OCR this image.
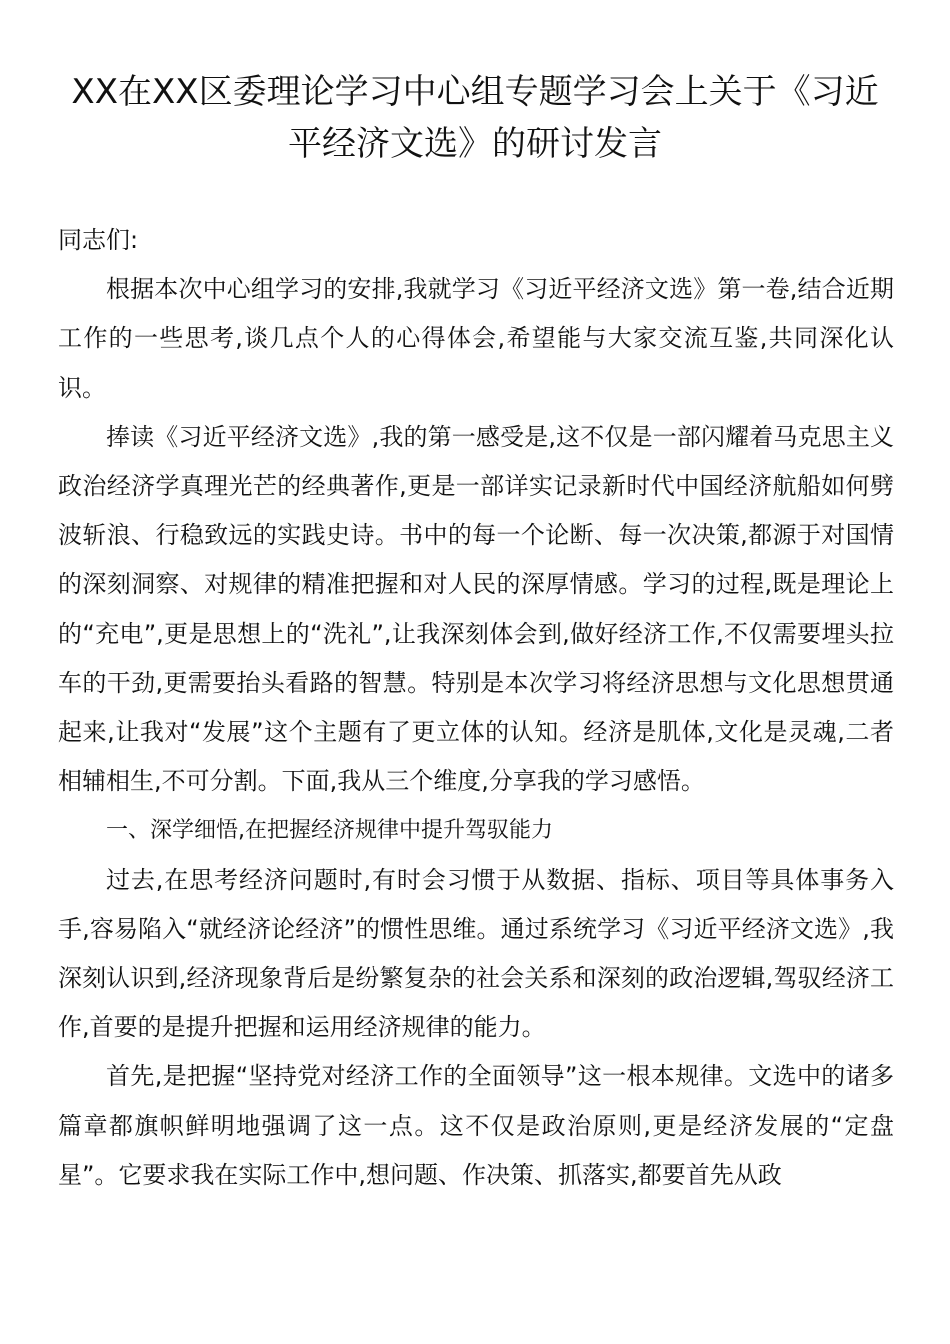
XX在XX区委理论学习中心组专题学习会上关于《习近平经济文选》的研讨发言

同志们:

根据本次中心组学习的安排,我就学习《习近平经济文选》第一卷,结合近期工作的一些思考,谈几点个人的心得体会,希望能与大家交流互鉴,共同深化认识。

捧读《习近平经济文选》,我的第一感受是,这不仅是一部闪耀着马克思主义政治经济学真理光芒的经典著作,更是一部详实记录新时代中国经济航船如何劈波斩浪、行稳致远的实践史诗。书中的每一个论断、每一次决策,都源于对国情的深刻洞察、对规律的精准把握和对人民的深厚情感。学习的过程,既是理论上的“充电”,更是思想上的“洗礼”,让我深刻体会到,做好经济工作,不仅需要埋头拉车的干劲,更需要抬头看路的智慧。特别是本次学习将经济思想与文化思想贯通起来,让我对“发展”这个主题有了更立体的认知。经济是肌体,文化是灵魂,二者相辅相生,不可分割。下面,我从三个维度,分享我的学习感悟。

一、深学细悟,在把握经济规律中提升驾驭能力

过去,在思考经济问题时,有时会习惯于从数据、指标、项目等具体事务入手,容易陷入“就经济论经济”的惯性思维。通过系统学习《习近平经济文选》,我深刻认识到,经济现象背后是纷繁复杂的社会关系和深刻的政治逻辑,驾驭经济工作,首要的是提升把握和运用经济规律的能力。

首先,是把握“坚持党对经济工作的全面领导”这一根本规律。文选中的诸多篇章都旗帜鲜明地强调了这一点。这不仅是政治原则,更是经济发展的“定盘星”。它要求我在实际工作中,想问题、作决策、抓落实,都要首先从政
